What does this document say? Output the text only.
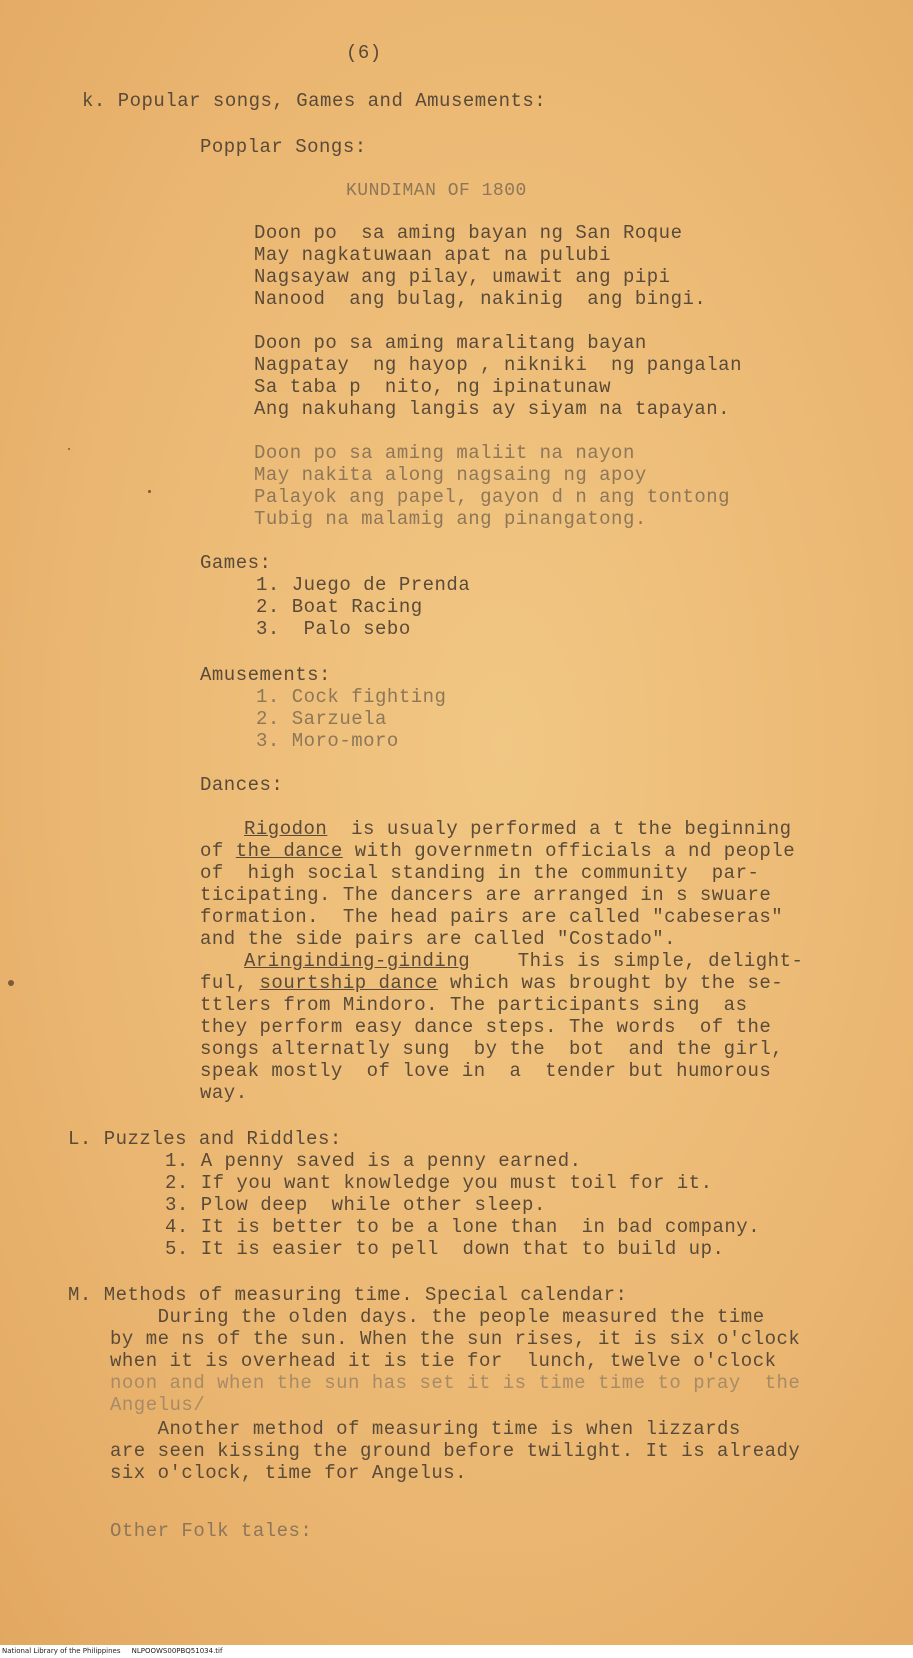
(6)
k. Popular songs, Games and Amusements:
Popplar Songs:
KUNDIMAN OF 1800
Doon po  sa aming bayan ng San Roque
May nagkatuwaan apat na pulubi
Nagsayaw ang pilay, umawit ang pipi
Nanood  ang bulag, nakinig  ang bingi.
Doon po sa aming maralitang bayan
Nagpatay  ng hayop , nikniki  ng pangalan
Sa taba p  nito, ng ipinatunaw
Ang nakuhang langis ay siyam na tapayan.
Doon po sa aming maliit na nayon
May nakita along nagsaing ng apoy
Palayok ang papel, gayon d n ang tontong
Tubig na malamig ang pinangatong.
Games:
1. Juego de Prenda
2. Boat Racing
3.  Palo sebo
Amusements:
1. Cock fighting
2. Sarzuela
3. Moro-moro
Dances:
Rigodon  is usualy performed a t the beginning
of the dance with governmetn officials a nd people
of  high social standing in the community  par-
ticipating. The dancers are arranged in s swuare
formation.  The head pairs are called "cabeseras"
and the side pairs are called "Costado".
Aringinding-ginding    This is simple, delight-
ful, sourtship dance which was brought by the se-
ttlers from Mindoro. The participants sing  as
they perform easy dance steps. The words  of the
songs alternatly sung  by the  bot  and the girl,
speak mostly  of love in  a  tender but humorous
way.
L. Puzzles and Riddles:
1. A penny saved is a penny earned.
2. If you want knowledge you must toil for it.
3. Plow deep  while other sleep.
4. It is better to be a lone than  in bad company.
5. It is easier to pell  down that to build up.
M. Methods of measuring time. Special calendar:
During the olden days. the people measured the time
by me ns of the sun. When the sun rises, it is six o'clock
when it is overhead it is tie for  lunch, twelve o'clock
noon and when the sun has set it is time time to pray  the
Angelus/
Another method of measuring time is when lizzards
are seen kissing the ground before twilight. It is already
six o'clock, time for Angelus.
Other Folk tales:
National Library of the Philippines     NLPOOWS00PBQ51034.tif
